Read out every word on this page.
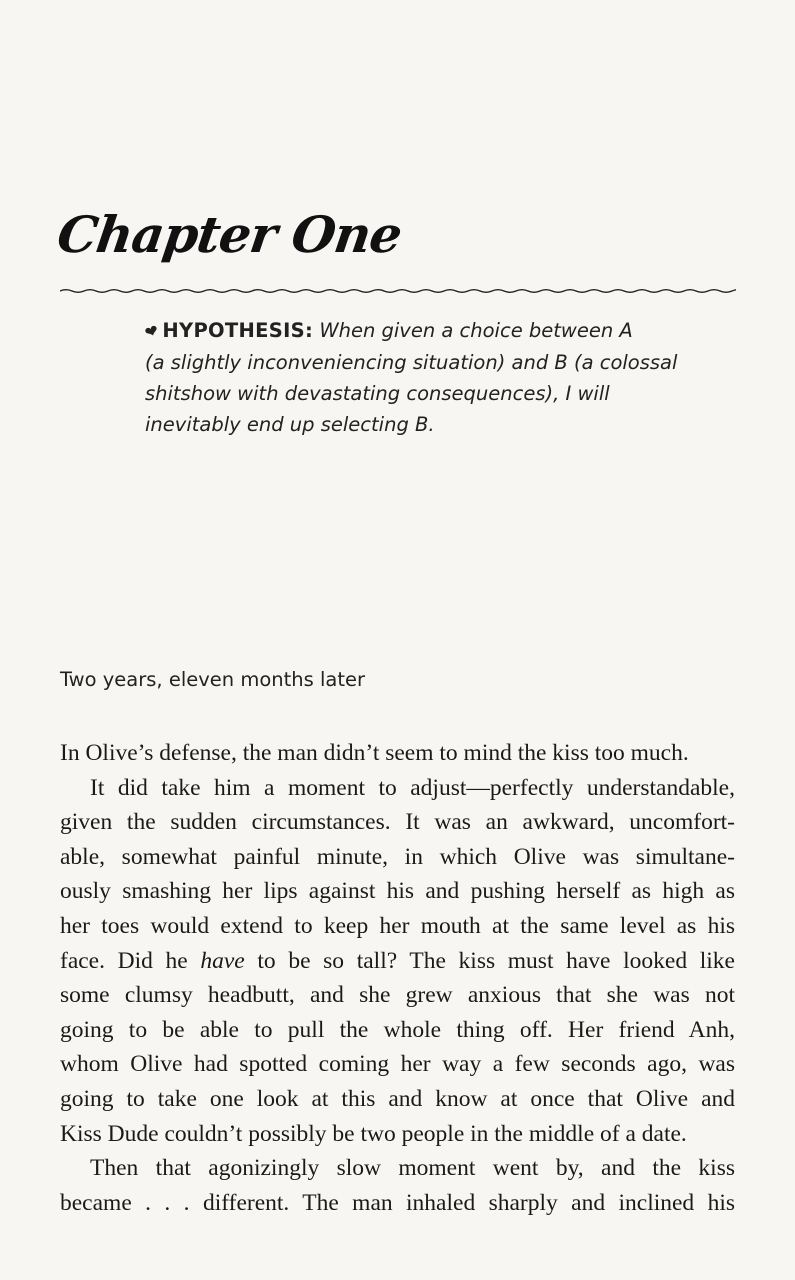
Chapter One
❤HYPOTHESIS: When given a choice between A
(a slightly inconveniencing situation) and B (a colossal
shitshow with devastating consequences), I will
inevitably end up selecting B.
Two years, eleven months later
In Olive’s defense, the man didn’t seem to mind the kiss too much.
It did take him a moment to adjust—perfectly understandable,
given the sudden circumstances. It was an awkward, uncomfort-
able, somewhat painful minute, in which Olive was simultane-
ously smashing her lips against his and pushing herself as high as
her toes would extend to keep her mouth at the same level as his
face. Did he have to be so tall? The kiss must have looked like
some clumsy headbutt, and she grew anxious that she was not
going to be able to pull the whole thing off. Her friend Anh,
whom Olive had spotted coming her way a few seconds ago, was
going to take one look at this and know at once that Olive and
Kiss Dude couldn’t possibly be two people in the middle of a date.
Then that agonizingly slow moment went by, and the kiss
became . . . different. The man inhaled sharply and inclined his
